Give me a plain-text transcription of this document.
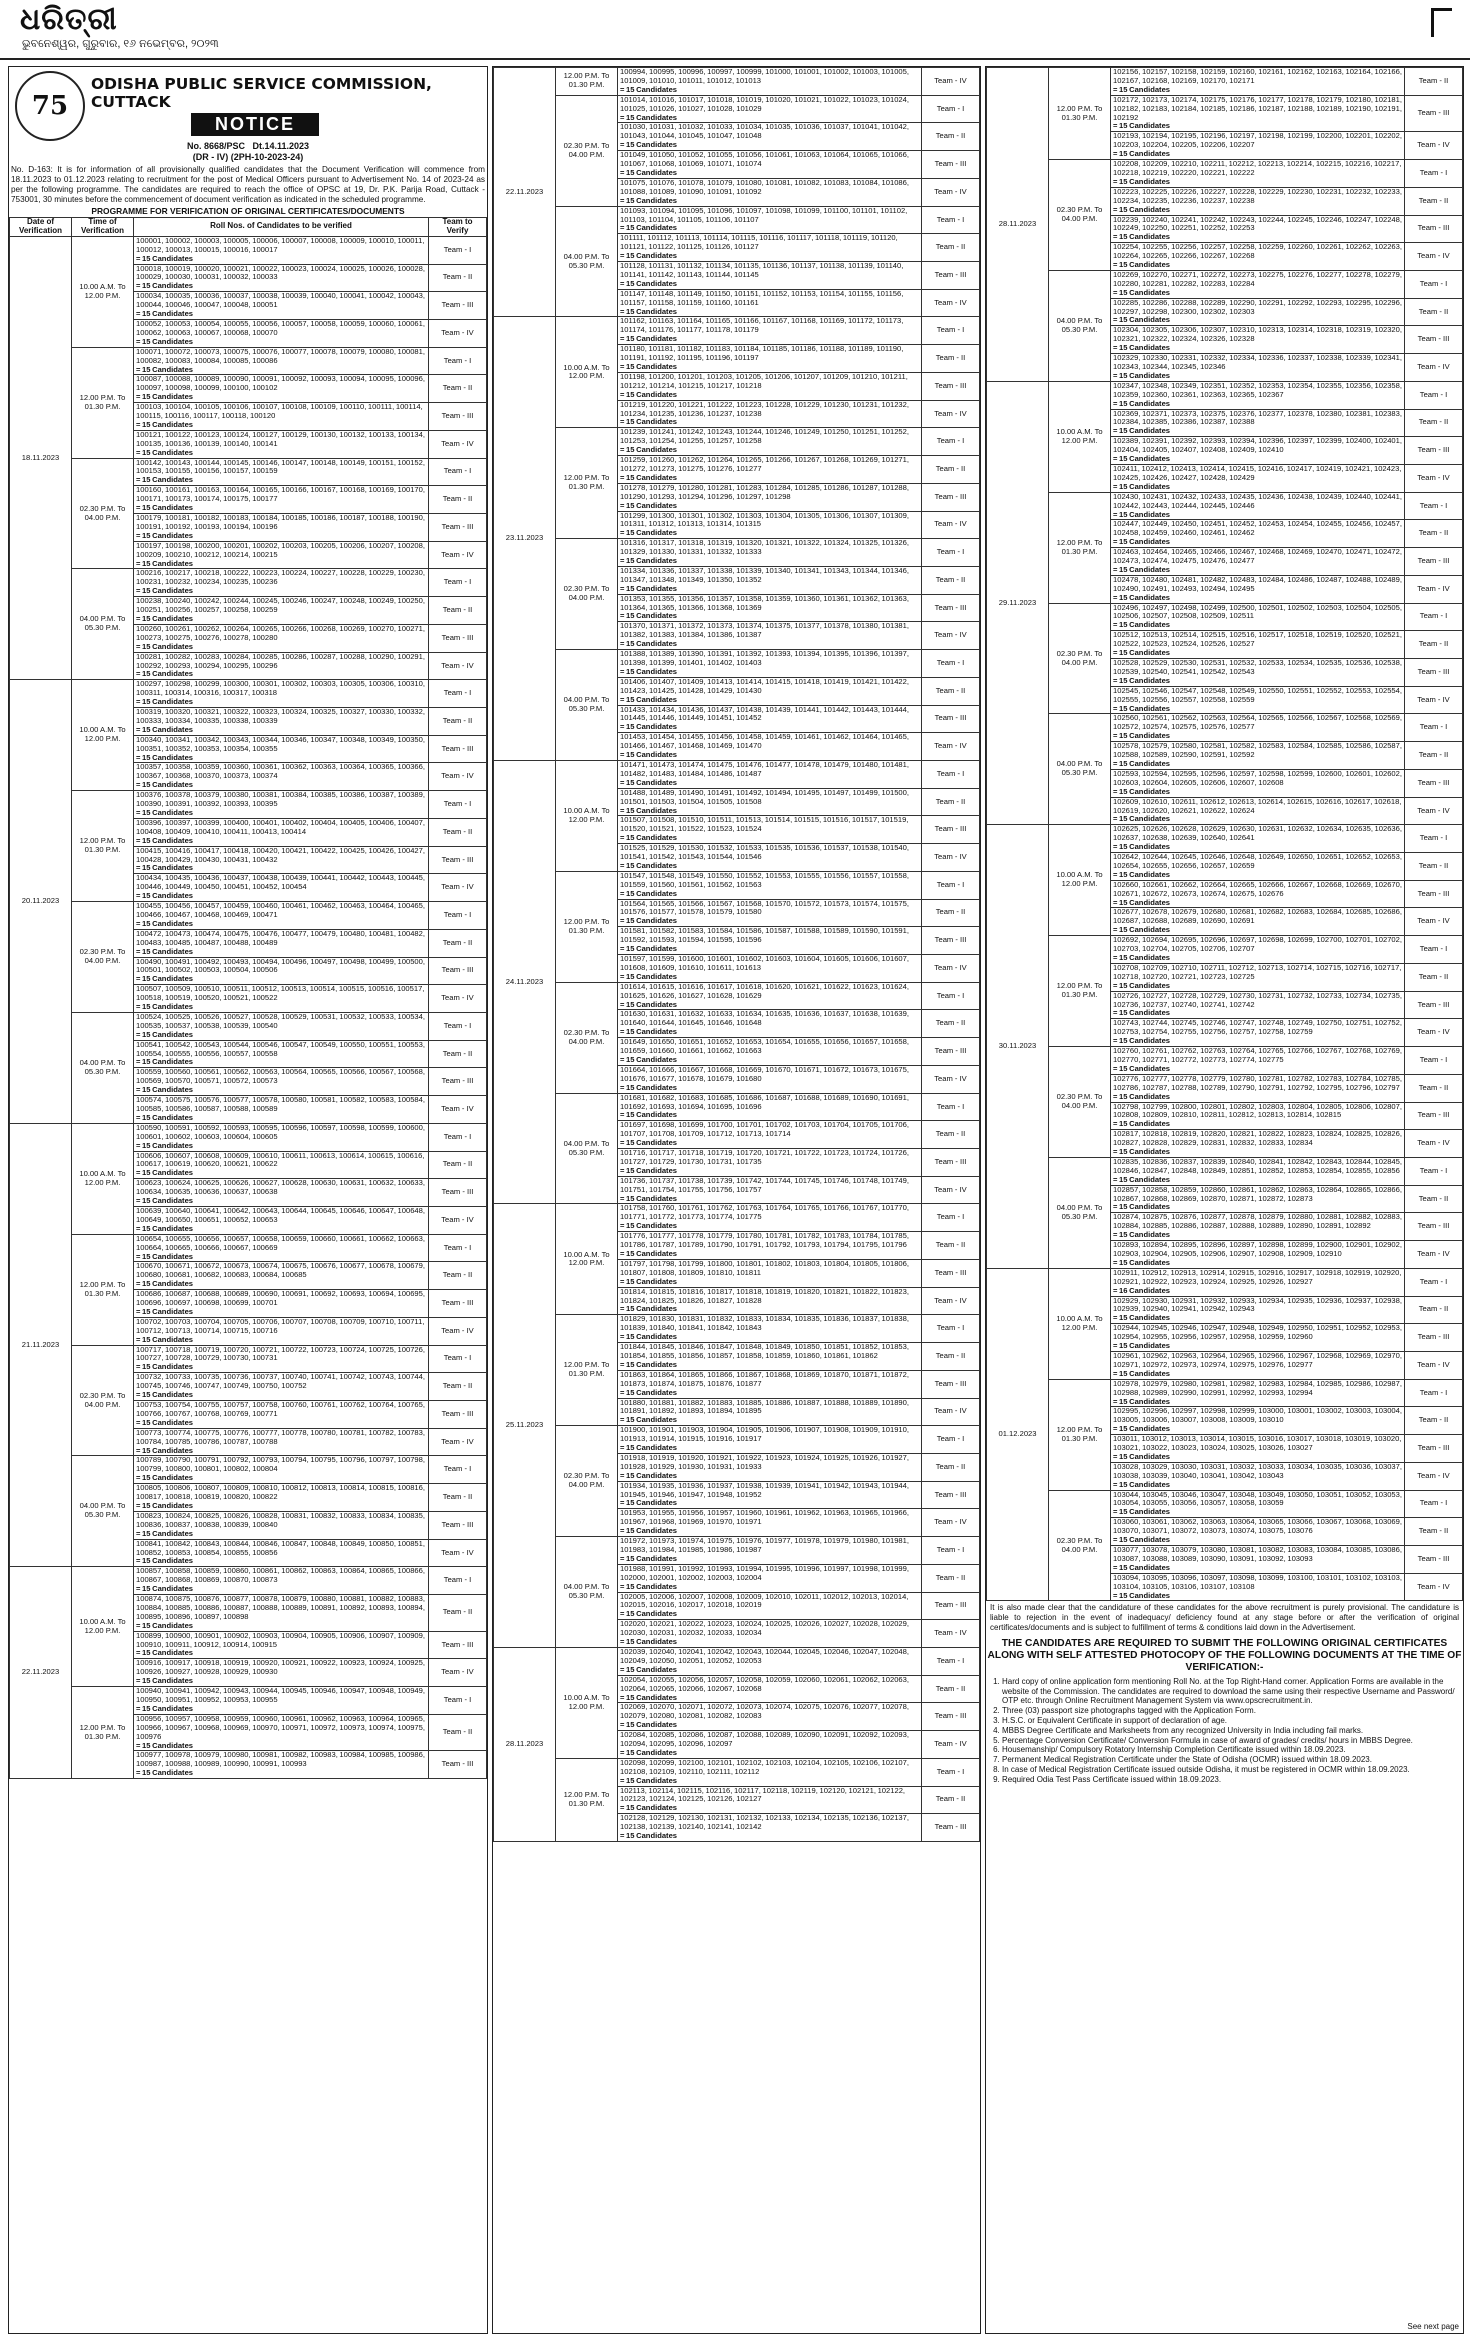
ଧରିତ୍ରୀ
ଭୁବନେଶ୍ୱର, ଗୁରୁବାର, ୧୬ ନଭେମ୍ବର, ୨୦୨୩
75
ODISHA PUBLIC SERVICE COMMISSION, CUTTACK
NOTICE
No. 8668/PSC Dt.14.11.2023
(DR - IV) (2PH-10-2023-24)
No. D-163: It is for information of all provisionally qualified candidates that the Document Verification will commence from 18.11.2023 to 01.12.2023 relating to recruitment for the post of Medical Officers pursuant to Advertisement No. 14 of 2023-24 as per the following programme. The candidates are required to reach the office of OPSC at 19, Dr. P.K. Parija Road, Cuttack - 753001, 30 minutes before the commencement of document verification as indicated in the scheduled programme.
PROGRAMME FOR VERIFICATION OF ORIGINAL CERTIFICATES/DOCUMENTS
Date of Verification	Time of Verification	Roll Nos. of Candidates to be verified	Team to Verify
18.11.2023	10.00 A.M. To 12.00 P.M.	100001, 100002, 100003, 100005, 100006, 100007, 100008, 100009, 100010, 100011, 100012, 100013, 100015, 100016, 100017
= 15 Candidates	Team - I
		100018, 100019, 100020, 100021, 100022, 100023, 100024, 100025, 100026, 100028, 100029, 100030, 100031, 100032, 100033
= 15 Candidates	Team - II
		100034, 100035, 100036, 100037, 100038, 100039, 100040, 100041, 100042, 100043, 100044, 100046, 100047, 100048, 100051
= 15 Candidates	Team - III
		100052, 100053, 100054, 100055, 100056, 100057, 100058, 100059, 100060, 100061, 100062, 100063, 100067, 100068, 100070
= 15 Candidates	Team - IV
	12.00 P.M. To 01.30 P.M.	100071, 100072, 100073, 100075, 100076, 100077, 100078, 100079, 100080, 100081, 100082, 100083, 100084, 100085, 100086
= 15 Candidates	Team - I
		100087, 100088, 100089, 100090, 100091, 100092, 100093, 100094, 100095, 100096, 100097, 100098, 100099, 100100, 100102
= 15 Candidates	Team - II
		100103, 100104, 100105, 100106, 100107, 100108, 100109, 100110, 100111, 100114, 100115, 100116, 100117, 100118, 100120
= 15 Candidates	Team - III
		100121, 100122, 100123, 100124, 100127, 100129, 100130, 100132, 100133, 100134, 100135, 100136, 100139, 100140, 100141
= 15 Candidates	Team - IV
	02.30 P.M. To 04.00 P.M.	100142, 100143, 100144, 100145, 100146, 100147, 100148, 100149, 100151, 100152, 100153, 100155, 100156, 100157, 100159
= 15 Candidates	Team - I
		100160, 100161, 100163, 100164, 100165, 100166, 100167, 100168, 100169, 100170, 100171, 100173, 100174, 100175, 100177
= 15 Candidates	Team - II
		100179, 100181, 100182, 100183, 100184, 100185, 100186, 100187, 100188, 100190, 100191, 100192, 100193, 100194, 100196
= 15 Candidates	Team - III
		100197, 100198, 100200, 100201, 100202, 100203, 100205, 100206, 100207, 100208, 100209, 100210, 100212, 100214, 100215
= 15 Candidates	Team - IV
	04.00 P.M. To 05.30 P.M.	100216, 100217, 100218, 100222, 100223, 100224, 100227, 100228, 100229, 100230, 100231, 100232, 100234, 100235, 100236
= 15 Candidates	Team - I
		100238, 100240, 100242, 100244, 100245, 100246, 100247, 100248, 100249, 100250, 100251, 100256, 100257, 100258, 100259
= 15 Candidates	Team - II
		100260, 100261, 100262, 100264, 100265, 100266, 100268, 100269, 100270, 100271, 100273, 100275, 100276, 100278, 100280
= 15 Candidates	Team - III
		100281, 100282, 100283, 100284, 100285, 100286, 100287, 100288, 100290, 100291, 100292, 100293, 100294, 100295, 100296
= 15 Candidates	Team - IV
20.11.2023	10.00 A.M. To 12.00 P.M.	100297, 100298, 100299, 100300, 100301, 100302, 100303, 100305, 100306, 100310, 100311, 100314, 100316, 100317, 100318
= 15 Candidates	Team - I
		100319, 100320, 100321, 100322, 100323, 100324, 100325, 100327, 100330, 100332, 100333, 100334, 100335, 100338, 100339
= 15 Candidates	Team - II
		100340, 100341, 100342, 100343, 100344, 100346, 100347, 100348, 100349, 100350, 100351, 100352, 100353, 100354, 100355
= 15 Candidates	Team - III
		100357, 100358, 100359, 100360, 100361, 100362, 100363, 100364, 100365, 100366, 100367, 100368, 100370, 100373, 100374
= 15 Candidates	Team - IV
	12.00 P.M. To 01.30 P.M.	100376, 100378, 100379, 100380, 100381, 100384, 100385, 100386, 100387, 100389, 100390, 100391, 100392, 100393, 100395
= 15 Candidates	Team - I
		100396, 100397, 100399, 100400, 100401, 100402, 100404, 100405, 100406, 100407, 100408, 100409, 100410, 100411, 100413, 100414
= 15 Candidates	Team - II
		100415, 100416, 100417, 100418, 100420, 100421, 100422, 100425, 100426, 100427, 100428, 100429, 100430, 100431, 100432
= 15 Candidates	Team - III
		100434, 100435, 100436, 100437, 100438, 100439, 100441, 100442, 100443, 100445, 100446, 100449, 100450, 100451, 100452, 100454
= 15 Candidates	Team - IV
	02.30 P.M. To 04.00 P.M.	100455, 100456, 100457, 100459, 100460, 100461, 100462, 100463, 100464, 100465, 100466, 100467, 100468, 100469, 100471
= 15 Candidates	Team - I
		100472, 100473, 100474, 100475, 100476, 100477, 100479, 100480, 100481, 100482, 100483, 100485, 100487, 100488, 100489
= 15 Candidates	Team - II
		100490, 100491, 100492, 100493, 100494, 100496, 100497, 100498, 100499, 100500, 100501, 100502, 100503, 100504, 100506
= 15 Candidates	Team - III
		100507, 100509, 100510, 100511, 100512, 100513, 100514, 100515, 100516, 100517, 100518, 100519, 100520, 100521, 100522
= 15 Candidates	Team - IV
	04.00 P.M. To 05.30 P.M.	100524, 100525, 100526, 100527, 100528, 100529, 100531, 100532, 100533, 100534, 100535, 100537, 100538, 100539, 100540
= 15 Candidates	Team - I
		100541, 100542, 100543, 100544, 100546, 100547, 100549, 100550, 100551, 100553, 100554, 100555, 100556, 100557, 100558
= 15 Candidates	Team - II
		100559, 100560, 100561, 100562, 100563, 100564, 100565, 100566, 100567, 100568, 100569, 100570, 100571, 100572, 100573
= 15 Candidates	Team - III
		100574, 100575, 100576, 100577, 100578, 100580, 100581, 100582, 100583, 100584, 100585, 100586, 100587, 100588, 100589
= 15 Candidates	Team - IV
21.11.2023	10.00 A.M. To 12.00 P.M.	100590, 100591, 100592, 100593, 100595, 100596, 100597, 100598, 100599, 100600, 100601, 100602, 100603, 100604, 100605
= 15 Candidates	Team - I
		100606, 100607, 100608, 100609, 100610, 100611, 100613, 100614, 100615, 100616, 100617, 100619, 100620, 100621, 100622
= 15 Candidates	Team - II
		100623, 100624, 100625, 100626, 100627, 100628, 100630, 100631, 100632, 100633, 100634, 100635, 100636, 100637, 100638
= 15 Candidates	Team - III
		100639, 100640, 100641, 100642, 100643, 100644, 100645, 100646, 100647, 100648, 100649, 100650, 100651, 100652, 100653
= 15 Candidates	Team - IV
	12.00 P.M. To 01.30 P.M.	100654, 100655, 100656, 100657, 100658, 100659, 100660, 100661, 100662, 100663, 100664, 100665, 100666, 100667, 100669
= 15 Candidates	Team - I
		100670, 100671, 100672, 100673, 100674, 100675, 100676, 100677, 100678, 100679, 100680, 100681, 100682, 100683, 100684, 100685
= 15 Candidates	Team - II
		100686, 100687, 100688, 100689, 100690, 100691, 100692, 100693, 100694, 100695, 100696, 100697, 100698, 100699, 100701
= 15 Candidates	Team - III
		100702, 100703, 100704, 100705, 100706, 100707, 100708, 100709, 100710, 100711, 100712, 100713, 100714, 100715, 100716
= 15 Candidates	Team - IV
	02.30 P.M. To 04.00 P.M.	100717, 100718, 100719, 100720, 100721, 100722, 100723, 100724, 100725, 100726, 100727, 100728, 100729, 100730, 100731
= 15 Candidates	Team - I
		100732, 100733, 100735, 100736, 100737, 100740, 100741, 100742, 100743, 100744, 100745, 100746, 100747, 100749, 100750, 100752
= 15 Candidates	Team - II
		100753, 100754, 100755, 100757, 100758, 100760, 100761, 100762, 100764, 100765, 100766, 100767, 100768, 100769, 100771
= 15 Candidates	Team - III
		100773, 100774, 100775, 100776, 100777, 100778, 100780, 100781, 100782, 100783, 100784, 100785, 100786, 100787, 100788
= 15 Candidates	Team - IV
	04.00 P.M. To 05.30 P.M.	100789, 100790, 100791, 100792, 100793, 100794, 100795, 100796, 100797, 100798, 100799, 100800, 100801, 100802, 100804
= 15 Candidates	Team - I
		100805, 100806, 100807, 100809, 100810, 100812, 100813, 100814, 100815, 100816, 100817, 100818, 100819, 100820, 100822
= 15 Candidates	Team - II
		100823, 100824, 100825, 100826, 100828, 100831, 100832, 100833, 100834, 100835, 100836, 100837, 100838, 100839, 100840
= 15 Candidates	Team - III
		100841, 100842, 100843, 100844, 100846, 100847, 100848, 100849, 100850, 100851, 100852, 100853, 100854, 100855, 100856
= 15 Candidates	Team - IV
22.11.2023	10.00 A.M. To 12.00 P.M.	100857, 100858, 100859, 100860, 100861, 100862, 100863, 100864, 100865, 100866, 100867, 100868, 100869, 100870, 100873
= 15 Candidates	Team - I
		100874, 100875, 100876, 100877, 100878, 100879, 100880, 100881, 100882, 100883, 100884, 100885, 100886, 100887, 100888, 100889, 100891, 100892, 100893, 100894, 100895, 100896, 100897, 100898
= 15 Candidates	Team - II
		100899, 100900, 100901, 100902, 100903, 100904, 100905, 100906, 100907, 100909, 100910, 100911, 100912, 100914, 100915
= 15 Candidates	Team - III
		100916, 100917, 100918, 100919, 100920, 100921, 100922, 100923, 100924, 100925, 100926, 100927, 100928, 100929, 100930
= 15 Candidates	Team - IV
	12.00 P.M. To 01.30 P.M.	100940, 100941, 100942, 100943, 100944, 100945, 100946, 100947, 100948, 100949, 100950, 100951, 100952, 100953, 100955
= 15 Candidates	Team - I
		100956, 100957, 100958, 100959, 100960, 100961, 100962, 100963, 100964, 100965, 100966, 100967, 100968, 100969, 100970, 100971, 100972, 100973, 100974, 100975, 100976
= 15 Candidates	Team - II
		100977, 100978, 100979, 100980, 100981, 100982, 100983, 100984, 100985, 100986, 100987, 100988, 100989, 100990, 100991, 100993
= 15 Candidates	Team - III
22.11.2023	12.00 P.M. To 01.30 P.M.	100994, 100995, 100996, 100997, 100999, 101000, 101001, 101002, 101003, 101005, 101009, 101010, 101011, 101012, 101013
= 15 Candidates	Team - IV
	02.30 P.M. To 04.00 P.M.	101014, 101016, 101017, 101018, 101019, 101020, 101021, 101022, 101023, 101024, 101025, 101026, 101027, 101028, 101029
= 15 Candidates	Team - I
		101030, 101031, 101032, 101033, 101034, 101035, 101036, 101037, 101041, 101042, 101043, 101044, 101045, 101047, 101048
= 15 Candidates	Team - II
		101049, 101050, 101052, 101055, 101056, 101061, 101063, 101064, 101065, 101066, 101067, 101068, 101069, 101071, 101074
= 15 Candidates	Team - III
		101075, 101076, 101078, 101079, 101080, 101081, 101082, 101083, 101084, 101086, 101088, 101089, 101090, 101091, 101092
= 15 Candidates	Team - IV
	04.00 P.M. To 05.30 P.M.	101093, 101094, 101095, 101096, 101097, 101098, 101099, 101100, 101101, 101102, 101103, 101104, 101105, 101106, 101107
= 15 Candidates	Team - I
		101111, 101112, 101113, 101114, 101115, 101116, 101117, 101118, 101119, 101120, 101121, 101122, 101125, 101126, 101127
= 15 Candidates	Team - II
		101128, 101131, 101132, 101134, 101135, 101136, 101137, 101138, 101139, 101140, 101141, 101142, 101143, 101144, 101145
= 15 Candidates	Team - III
		101147, 101148, 101149, 101150, 101151, 101152, 101153, 101154, 101155, 101156, 101157, 101158, 101159, 101160, 101161
= 15 Candidates	Team - IV
23.11.2023	10.00 A.M. To 12.00 P.M.	101162, 101163, 101164, 101165, 101166, 101167, 101168, 101169, 101172, 101173, 101174, 101176, 101177, 101178, 101179
= 15 Candidates	Team - I
		101180, 101181, 101182, 101183, 101184, 101185, 101186, 101188, 101189, 101190, 101191, 101192, 101195, 101196, 101197
= 15 Candidates	Team - II
		101198, 101200, 101201, 101203, 101205, 101206, 101207, 101209, 101210, 101211, 101212, 101214, 101215, 101217, 101218
= 15 Candidates	Team - III
		101219, 101220, 101221, 101222, 101223, 101228, 101229, 101230, 101231, 101232, 101234, 101235, 101236, 101237, 101238
= 15 Candidates	Team - IV
	12.00 P.M. To 01.30 P.M.	101239, 101241, 101242, 101243, 101244, 101246, 101249, 101250, 101251, 101252, 101253, 101254, 101255, 101257, 101258
= 15 Candidates	Team - I
		101259, 101260, 101262, 101264, 101265, 101266, 101267, 101268, 101269, 101271, 101272, 101273, 101275, 101276, 101277
= 15 Candidates	Team - II
		101278, 101279, 101280, 101281, 101283, 101284, 101285, 101286, 101287, 101288, 101290, 101293, 101294, 101296, 101297, 101298
= 15 Candidates	Team - III
		101299, 101300, 101301, 101302, 101303, 101304, 101305, 101306, 101307, 101309, 101311, 101312, 101313, 101314, 101315
= 15 Candidates	Team - IV
	02.30 P.M. To 04.00 P.M.	101316, 101317, 101318, 101319, 101320, 101321, 101322, 101324, 101325, 101326, 101329, 101330, 101331, 101332, 101333
= 15 Candidates	Team - I
		101334, 101336, 101337, 101338, 101339, 101340, 101341, 101343, 101344, 101346, 101347, 101348, 101349, 101350, 101352
= 15 Candidates	Team - II
		101353, 101355, 101356, 101357, 101358, 101359, 101360, 101361, 101362, 101363, 101364, 101365, 101366, 101368, 101369
= 15 Candidates	Team - III
		101370, 101371, 101372, 101373, 101374, 101375, 101377, 101378, 101380, 101381, 101382, 101383, 101384, 101386, 101387
= 15 Candidates	Team - IV
	04.00 P.M. To 05.30 P.M.	101388, 101389, 101390, 101391, 101392, 101393, 101394, 101395, 101396, 101397, 101398, 101399, 101401, 101402, 101403
= 15 Candidates	Team - I
		101406, 101407, 101409, 101413, 101414, 101415, 101418, 101419, 101421, 101422, 101423, 101425, 101428, 101429, 101430
= 15 Candidates	Team - II
		101433, 101434, 101436, 101437, 101438, 101439, 101441, 101442, 101443, 101444, 101445, 101446, 101449, 101451, 101452
= 15 Candidates	Team - III
		101453, 101454, 101455, 101456, 101458, 101459, 101461, 101462, 101464, 101465, 101466, 101467, 101468, 101469, 101470
= 15 Candidates	Team - IV
24.11.2023	10.00 A.M. To 12.00 P.M.	101471, 101473, 101474, 101475, 101476, 101477, 101478, 101479, 101480, 101481, 101482, 101483, 101484, 101486, 101487
= 15 Candidates	Team - I
		101488, 101489, 101490, 101491, 101492, 101494, 101495, 101497, 101499, 101500, 101501, 101503, 101504, 101505, 101508
= 15 Candidates	Team - II
		101507, 101508, 101510, 101511, 101513, 101514, 101515, 101516, 101517, 101519, 101520, 101521, 101522, 101523, 101524
= 15 Candidates	Team - III
		101525, 101529, 101530, 101532, 101533, 101535, 101536, 101537, 101538, 101540, 101541, 101542, 101543, 101544, 101546
= 15 Candidates	Team - IV
	12.00 P.M. To 01.30 P.M.	101547, 101548, 101549, 101550, 101552, 101553, 101555, 101556, 101557, 101558, 101559, 101560, 101561, 101562, 101563
= 15 Candidates	Team - I
		101564, 101565, 101566, 101567, 101568, 101570, 101572, 101573, 101574, 101575, 101576, 101577, 101578, 101579, 101580
= 15 Candidates	Team - II
		101581, 101582, 101583, 101584, 101586, 101587, 101588, 101589, 101590, 101591, 101592, 101593, 101594, 101595, 101596
= 15 Candidates	Team - III
		101597, 101599, 101600, 101601, 101602, 101603, 101604, 101605, 101606, 101607, 101608, 101609, 101610, 101611, 101613
= 15 Candidates	Team - IV
	02.30 P.M. To 04.00 P.M.	101614, 101615, 101616, 101617, 101618, 101620, 101621, 101622, 101623, 101624, 101625, 101626, 101627, 101628, 101629
= 15 Candidates	Team - I
		101630, 101631, 101632, 101633, 101634, 101635, 101636, 101637, 101638, 101639, 101640, 101644, 101645, 101646, 101648
= 15 Candidates	Team - II
		101649, 101650, 101651, 101652, 101653, 101654, 101655, 101656, 101657, 101658, 101659, 101660, 101661, 101662, 101663
= 15 Candidates	Team - III
		101664, 101666, 101667, 101668, 101669, 101670, 101671, 101672, 101673, 101675, 101676, 101677, 101678, 101679, 101680
= 15 Candidates	Team - IV
	04.00 P.M. To 05.30 P.M.	101681, 101682, 101683, 101685, 101686, 101687, 101688, 101689, 101690, 101691, 101692, 101693, 101694, 101695, 101696
= 15 Candidates	Team - I
		101697, 101698, 101699, 101700, 101701, 101702, 101703, 101704, 101705, 101706, 101707, 101708, 101709, 101712, 101713, 101714
= 15 Candidates	Team - II
		101716, 101717, 101718, 101719, 101720, 101721, 101722, 101723, 101724, 101726, 101727, 101729, 101730, 101731, 101735
= 15 Candidates	Team - III
		101736, 101737, 101738, 101739, 101742, 101744, 101745, 101746, 101748, 101749, 101751, 101754, 101755, 101756, 101757
= 15 Candidates	Team - IV
25.11.2023	10.00 A.M. To 12.00 P.M.	101758, 101760, 101761, 101762, 101763, 101764, 101765, 101766, 101767, 101770, 101771, 101772, 101773, 101774, 101775
= 15 Candidates	Team - I
		101776, 101777, 101778, 101779, 101780, 101781, 101782, 101783, 101784, 101785, 101786, 101787, 101789, 101790, 101791, 101792, 101793, 101794, 101795, 101796
= 15 Candidates	Team - II
		101797, 101798, 101799, 101800, 101801, 101802, 101803, 101804, 101805, 101806, 101807, 101808, 101809, 101810, 101811
= 15 Candidates	Team - III
		101814, 101815, 101816, 101817, 101818, 101819, 101820, 101821, 101822, 101823, 101824, 101825, 101826, 101827, 101828
= 15 Candidates	Team - IV
	12.00 P.M. To 01.30 P.M.	101829, 101830, 101831, 101832, 101833, 101834, 101835, 101836, 101837, 101838, 101839, 101840, 101841, 101842, 101843
= 15 Candidates	Team - I
		101844, 101845, 101846, 101847, 101848, 101849, 101850, 101851, 101852, 101853, 101854, 101855, 101856, 101857, 101858, 101859, 101860, 101861, 101862
= 15 Candidates	Team - II
		101863, 101864, 101865, 101866, 101867, 101868, 101869, 101870, 101871, 101872, 101873, 101874, 101875, 101876, 101877
= 15 Candidates	Team - III
		101880, 101881, 101882, 101883, 101885, 101886, 101887, 101888, 101889, 101890, 101891, 101892, 101893, 101894, 101895
= 15 Candidates	Team - IV
	02.30 P.M. To 04.00 P.M.	101900, 101901, 101903, 101904, 101905, 101906, 101907, 101908, 101909, 101910, 101913, 101914, 101915, 101916, 101917
= 15 Candidates	Team - I
		101918, 101919, 101920, 101921, 101922, 101923, 101924, 101925, 101926, 101927, 101928, 101929, 101930, 101931, 101933
= 15 Candidates	Team - II
		101934, 101935, 101936, 101937, 101938, 101939, 101941, 101942, 101943, 101944, 101945, 101946, 101947, 101948, 101952
= 15 Candidates	Team - III
		101953, 101955, 101956, 101957, 101960, 101961, 101962, 101963, 101965, 101966, 101967, 101968, 101969, 101970, 101971
= 15 Candidates	Team - IV
	04.00 P.M. To 05.30 P.M.	101972, 101973, 101974, 101975, 101976, 101977, 101978, 101979, 101980, 101981, 101983, 101984, 101985, 101986, 101987
= 15 Candidates	Team - I
		101988, 101991, 101992, 101993, 101994, 101995, 101996, 101997, 101998, 101999, 102000, 102001, 102002, 102003, 102004
= 15 Candidates	Team - II
		102005, 102006, 102007, 102008, 102009, 102010, 102011, 102012, 102013, 102014, 102015, 102016, 102017, 102018, 102019
= 15 Candidates	Team - III
		102020, 102021, 102022, 102023, 102024, 102025, 102026, 102027, 102028, 102029, 102030, 102031, 102032, 102033, 102034
= 15 Candidates	Team - IV
28.11.2023	10.00 A.M. To 12.00 P.M.	102039, 102040, 102041, 102042, 102043, 102044, 102045, 102046, 102047, 102048, 102049, 102050, 102051, 102052, 102053
= 15 Candidates	Team - I
		102054, 102055, 102056, 102057, 102058, 102059, 102060, 102061, 102062, 102063, 102064, 102065, 102066, 102067, 102068
= 15 Candidates	Team - II
		102069, 102070, 102071, 102072, 102073, 102074, 102075, 102076, 102077, 102078, 102079, 102080, 102081, 102082, 102083
= 15 Candidates	Team - III
		102084, 102085, 102086, 102087, 102088, 102089, 102090, 102091, 102092, 102093, 102094, 102095, 102096, 102097
= 15 Candidates	Team - IV
	12.00 P.M. To 01.30 P.M.	102098, 102099, 102100, 102101, 102102, 102103, 102104, 102105, 102106, 102107, 102108, 102109, 102110, 102111, 102112
= 15 Candidates	Team - I
		102113, 102114, 102115, 102116, 102117, 102118, 102119, 102120, 102121, 102122, 102123, 102124, 102125, 102126, 102127
= 15 Candidates	Team - II
		102128, 102129, 102130, 102131, 102132, 102133, 102134, 102135, 102136, 102137, 102138, 102139, 102140, 102141, 102142
= 15 Candidates	Team - III
28.11.2023	12.00 P.M. To 01.30 P.M.	102156, 102157, 102158, 102159, 102160, 102161, 102162, 102163, 102164, 102166, 102167, 102168, 102169, 102170, 102171
= 15 Candidates	Team - II
		102172, 102173, 102174, 102175, 102176, 102177, 102178, 102179, 102180, 102181, 102182, 102183, 102184, 102185, 102186, 102187, 102188, 102189, 102190, 102191, 102192
= 15 Candidates	Team - III
		102193, 102194, 102195, 102196, 102197, 102198, 102199, 102200, 102201, 102202, 102203, 102204, 102205, 102206, 102207
= 15 Candidates	Team - IV
	02.30 P.M. To 04.00 P.M.	102208, 102209, 102210, 102211, 102212, 102213, 102214, 102215, 102216, 102217, 102218, 102219, 102220, 102221, 102222
= 15 Candidates	Team - I
		102223, 102225, 102226, 102227, 102228, 102229, 102230, 102231, 102232, 102233, 102234, 102235, 102236, 102237, 102238
= 15 Candidates	Team - II
		102239, 102240, 102241, 102242, 102243, 102244, 102245, 102246, 102247, 102248, 102249, 102250, 102251, 102252, 102253
= 15 Candidates	Team - III
		102254, 102255, 102256, 102257, 102258, 102259, 102260, 102261, 102262, 102263, 102264, 102265, 102266, 102267, 102268
= 15 Candidates	Team - IV
	04.00 P.M. To 05.30 P.M.	102269, 102270, 102271, 102272, 102273, 102275, 102276, 102277, 102278, 102279, 102280, 102281, 102282, 102283, 102284
= 15 Candidates	Team - I
		102285, 102286, 102288, 102289, 102290, 102291, 102292, 102293, 102295, 102296, 102297, 102298, 102300, 102302, 102303
= 15 Candidates	Team - II
		102304, 102305, 102306, 102307, 102310, 102313, 102314, 102318, 102319, 102320, 102321, 102322, 102324, 102326, 102328
= 15 Candidates	Team - III
		102329, 102330, 102331, 102332, 102334, 102336, 102337, 102338, 102339, 102341, 102343, 102344, 102345, 102346
= 15 Candidates	Team - IV
29.11.2023	10.00 A.M. To 12.00 P.M.	102347, 102348, 102349, 102351, 102352, 102353, 102354, 102355, 102356, 102358, 102359, 102360, 102361, 102363, 102365, 102367
= 15 Candidates	Team - I
		102369, 102371, 102373, 102375, 102376, 102377, 102378, 102380, 102381, 102383, 102384, 102385, 102386, 102387, 102388
= 15 Candidates	Team - II
		102389, 102391, 102392, 102393, 102394, 102396, 102397, 102399, 102400, 102401, 102404, 102405, 102407, 102408, 102409, 102410
= 15 Candidates	Team - III
		102411, 102412, 102413, 102414, 102415, 102416, 102417, 102419, 102421, 102423, 102425, 102426, 102427, 102428, 102429
= 15 Candidates	Team - IV
	12.00 P.M. To 01.30 P.M.	102430, 102431, 102432, 102433, 102435, 102436, 102438, 102439, 102440, 102441, 102442, 102443, 102444, 102445, 102446
= 15 Candidates	Team - I
		102447, 102449, 102450, 102451, 102452, 102453, 102454, 102455, 102456, 102457, 102458, 102459, 102460, 102461, 102462
= 15 Candidates	Team - II
		102463, 102464, 102465, 102466, 102467, 102468, 102469, 102470, 102471, 102472, 102473, 102474, 102475, 102476, 102477
= 15 Candidates	Team - III
		102478, 102480, 102481, 102482, 102483, 102484, 102486, 102487, 102488, 102489, 102490, 102491, 102493, 102494, 102495
= 15 Candidates	Team - IV
	02.30 P.M. To 04.00 P.M.	102496, 102497, 102498, 102499, 102500, 102501, 102502, 102503, 102504, 102505, 102506, 102507, 102508, 102509, 102511
= 15 Candidates	Team - I
		102512, 102513, 102514, 102515, 102516, 102517, 102518, 102519, 102520, 102521, 102522, 102523, 102524, 102526, 102527
= 15 Candidates	Team - II
		102528, 102529, 102530, 102531, 102532, 102533, 102534, 102535, 102536, 102538, 102539, 102540, 102541, 102542, 102543
= 15 Candidates	Team - III
		102545, 102546, 102547, 102548, 102549, 102550, 102551, 102552, 102553, 102554, 102555, 102556, 102557, 102558, 102559
= 15 Candidates	Team - IV
	04.00 P.M. To 05.30 P.M.	102560, 102561, 102562, 102563, 102564, 102565, 102566, 102567, 102568, 102569, 102572, 102574, 102575, 102576, 102577
= 15 Candidates	Team - I
		102578, 102579, 102580, 102581, 102582, 102583, 102584, 102585, 102586, 102587, 102588, 102589, 102590, 102591, 102592
= 15 Candidates	Team - II
		102593, 102594, 102595, 102596, 102597, 102598, 102599, 102600, 102601, 102602, 102603, 102604, 102605, 102606, 102607, 102608
= 15 Candidates	Team - III
		102609, 102610, 102611, 102612, 102613, 102614, 102615, 102616, 102617, 102618, 102619, 102620, 102621, 102622, 102624
= 15 Candidates	Team - IV
30.11.2023	10.00 A.M. To 12.00 P.M.	102625, 102626, 102628, 102629, 102630, 102631, 102632, 102634, 102635, 102636, 102637, 102638, 102639, 102640, 102641
= 15 Candidates	Team - I
		102642, 102644, 102645, 102646, 102648, 102649, 102650, 102651, 102652, 102653, 102654, 102655, 102656, 102657, 102659
= 15 Candidates	Team - II
		102660, 102661, 102662, 102664, 102665, 102666, 102667, 102668, 102669, 102670, 102671, 102672, 102673, 102674, 102675, 102676
= 15 Candidates	Team - III
		102677, 102678, 102679, 102680, 102681, 102682, 102683, 102684, 102685, 102686, 102687, 102688, 102689, 102690, 102691
= 15 Candidates	Team - IV
	12.00 P.M. To 01.30 P.M.	102692, 102694, 102695, 102696, 102697, 102698, 102699, 102700, 102701, 102702, 102703, 102704, 102705, 102706, 102707
= 15 Candidates	Team - I
		102708, 102709, 102710, 102711, 102712, 102713, 102714, 102715, 102716, 102717, 102718, 102720, 102721, 102723, 102725
= 15 Candidates	Team - II
		102726, 102727, 102728, 102729, 102730, 102731, 102732, 102733, 102734, 102735, 102736, 102737, 102740, 102741, 102742
= 15 Candidates	Team - III
		102743, 102744, 102745, 102746, 102747, 102748, 102749, 102750, 102751, 102752, 102753, 102754, 102755, 102756, 102757, 102758, 102759
= 15 Candidates	Team - IV
	02.30 P.M. To 04.00 P.M.	102760, 102761, 102762, 102763, 102764, 102765, 102766, 102767, 102768, 102769, 102770, 102771, 102772, 102773, 102774, 102775
= 15 Candidates	Team - I
		102776, 102777, 102778, 102779, 102780, 102781, 102782, 102783, 102784, 102785, 102786, 102787, 102788, 102789, 102790, 102791, 102792, 102795, 102796, 102797
= 15 Candidates	Team - II
		102798, 102799, 102800, 102801, 102802, 102803, 102804, 102805, 102806, 102807, 102808, 102809, 102810, 102811, 102812, 102813, 102814, 102815
= 15 Candidates	Team - III
		102817, 102818, 102819, 102820, 102821, 102822, 102823, 102824, 102825, 102826, 102827, 102828, 102829, 102831, 102832, 102833, 102834
= 15 Candidates	Team - IV
	04.00 P.M. To 05.30 P.M.	102835, 102836, 102837, 102839, 102840, 102841, 102842, 102843, 102844, 102845, 102846, 102847, 102848, 102849, 102851, 102852, 102853, 102854, 102855, 102856
= 15 Candidates	Team - I
		102857, 102858, 102859, 102860, 102861, 102862, 102863, 102864, 102865, 102866, 102867, 102868, 102869, 102870, 102871, 102872, 102873
= 15 Candidates	Team - II
		102874, 102875, 102876, 102877, 102878, 102879, 102880, 102881, 102882, 102883, 102884, 102885, 102886, 102887, 102888, 102889, 102890, 102891, 102892
= 15 Candidates	Team - III
		102893, 102894, 102895, 102896, 102897, 102898, 102899, 102900, 102901, 102902, 102903, 102904, 102905, 102906, 102907, 102908, 102909, 102910
= 15 Candidates	Team - IV
01.12.2023	10.00 A.M. To 12.00 P.M.	102911, 102912, 102913, 102914, 102915, 102916, 102917, 102918, 102919, 102920, 102921, 102922, 102923, 102924, 102925, 102926, 102927
= 16 Candidates	Team - I
		102929, 102930, 102931, 102932, 102933, 102934, 102935, 102936, 102937, 102938, 102939, 102940, 102941, 102942, 102943
= 15 Candidates	Team - II
		102944, 102945, 102946, 102947, 102948, 102949, 102950, 102951, 102952, 102953, 102954, 102955, 102956, 102957, 102958, 102959, 102960
= 15 Candidates	Team - III
		102961, 102962, 102963, 102964, 102965, 102966, 102967, 102968, 102969, 102970, 102971, 102972, 102973, 102974, 102975, 102976, 102977
= 15 Candidates	Team - IV
	12.00 P.M. To 01.30 P.M.	102978, 102979, 102980, 102981, 102982, 102983, 102984, 102985, 102986, 102987, 102988, 102989, 102990, 102991, 102992, 102993, 102994
= 15 Candidates	Team - I
		102995, 102996, 102997, 102998, 102999, 103000, 103001, 103002, 103003, 103004, 103005, 103006, 103007, 103008, 103009, 103010
= 15 Candidates	Team - II
		103011, 103012, 103013, 103014, 103015, 103016, 103017, 103018, 103019, 103020, 103021, 103022, 103023, 103024, 103025, 103026, 103027
= 15 Candidates	Team - III
		103028, 103029, 103030, 103031, 103032, 103033, 103034, 103035, 103036, 103037, 103038, 103039, 103040, 103041, 103042, 103043
= 15 Candidates	Team - IV
	02.30 P.M. To 04.00 P.M.	103044, 103045, 103046, 103047, 103048, 103049, 103050, 103051, 103052, 103053, 103054, 103055, 103056, 103057, 103058, 103059
= 15 Candidates	Team - I
		103060, 103061, 103062, 103063, 103064, 103065, 103066, 103067, 103068, 103069, 103070, 103071, 103072, 103073, 103074, 103075, 103076
= 15 Candidates	Team - II
		103077, 103078, 103079, 103080, 103081, 103082, 103083, 103084, 103085, 103086, 103087, 103088, 103089, 103090, 103091, 103092, 103093
= 15 Candidates	Team - III
		103094, 103095, 103096, 103097, 103098, 103099, 103100, 103101, 103102, 103103, 103104, 103105, 103106, 103107, 103108
= 15 Candidates	Team - IV
It is also made clear that the candidature of these candidates for the above recruitment is purely provisional. The candidature is liable to rejection in the event of inadequacy/ deficiency found at any stage before or after the verification of original certificates/documents and is subject to fulfillment of terms & conditions laid down in the Advertisement.
THE CANDIDATES ARE REQUIRED TO SUBMIT THE FOLLOWING ORIGINAL CERTIFICATES ALONG WITH SELF ATTESTED PHOTOCOPY OF THE FOLLOWING DOCUMENTS AT THE TIME OF VERIFICATION:-
1. Hard copy of online application form mentioning Roll No. at the Top Right-Hand corner. Application Forms are available in the website of the Commission. The candidates are required to download the same using their respective Username and Password/ OTP etc. through Online Recruitment Management System via www.opscrecruitment.in.
2. Three (03) passport size photographs tagged with the Application Form.
3. H.S.C. or Equivalent Certificate in support of declaration of age.
4. MBBS Degree Certificate and Marksheets from any recognized University in India including fail marks.
5. Percentage Conversion Certificate/ Conversion Formula in case of award of grades/ credits/ hours in MBBS Degree.
6. Housemanship/ Compulsory Rotatory Internship Completion Certificate issued within 18.09.2023.
7. Permanent Medical Registration Certificate under the State of Odisha (OCMR) issued within 18.09.2023.
8. In case of Medical Registration Certificate issued outside Odisha, it must be registered in OCMR within 18.09.2023.
9. Required Odia Test Pass Certificate issued within 18.09.2023.
See next page
